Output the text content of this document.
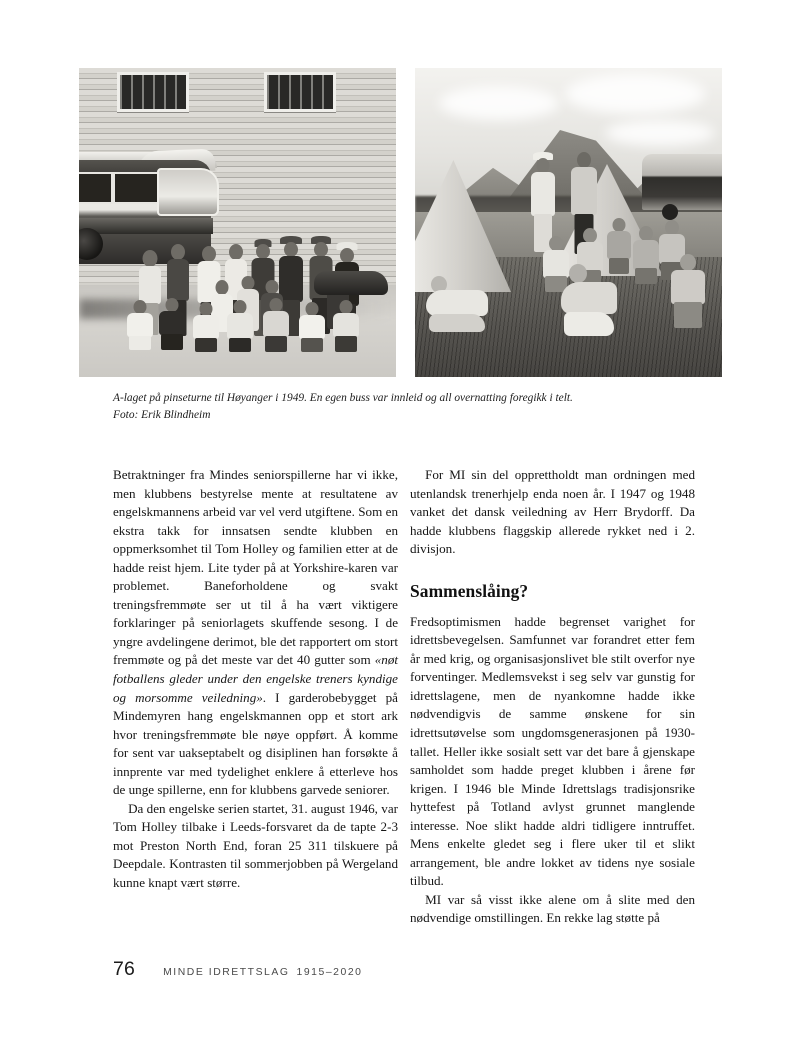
A-laget på pinseturne til Høyanger i 1949. En egen buss var innleid og all overnatting foregikk i telt.
Foto: Erik Blindheim

Betraktninger fra Mindes seniorspillerne har vi ikke, men klubbens bestyrelse mente at resultatene av engelskmannens arbeid var vel verd utgiftene. Som en ekstra takk for innsatsen sendte klubben en oppmerksomhet til Tom Holley og familien etter at de hadde reist hjem. Lite tyder på at Yorkshire-karen var problemet. Baneforholdene og svakt treningsfremmøte ser ut til å ha vært viktigere forklaringer på seniorlagets skuffende sesong. I de yngre avdelingene derimot, ble det rapportert om stort fremmøte og på det meste var det 40 gutter som «nøt fotballens gleder under den engelske treners kyndige og morsomme veiledning». I garderobebygget på Mindemyren hang engelskmannen opp et stort ark hvor treningsfremmøte ble nøye oppført. Å komme for sent var uakseptabelt og disiplinen han forsøkte å innprente var med tydelighet enklere å etterleve hos de unge spillerne, enn for klubbens garvede seniorer.

Da den engelske serien startet, 31. august 1946, var Tom Holley tilbake i Leeds-forsvaret da de tapte 2-3 mot Preston North End, foran 25 311 tilskuere på Deepdale. Kontrasten til sommerjobben på Wergeland kunne knapt vært større.

For MI sin del opprettholdt man ordningen med utenlandsk trenerhjelp enda noen år. I 1947 og 1948 vanket det dansk veiledning av Herr Brydorff. Da hadde klubbens flaggskip allerede rykket ned i 2. divisjon.

Sammenslåing?

Fredsoptimismen hadde begrenset varighet for idrettsbevegelsen. Samfunnet var forandret etter fem år med krig, og organisasjonslivet ble stilt overfor nye forventinger. Medlemsvekst i seg selv var gunstig for idrettslagene, men de nyankomne hadde ikke nødvendigvis de samme ønskene for sin idrettsutøvelse som ungdomsgenerasjonen på 1930-tallet. Heller ikke sosialt sett var det bare å gjenskape samholdet som hadde preget klubben i årene før krigen. I 1946 ble Minde Idrettslags tradisjonsrike hyttefest på Totland avlyst grunnet manglende interesse. Noe slikt hadde aldri tidligere inntruffet. Mens enkelte gledet seg i flere uker til et slikt arrangement, ble andre lokket av tidens nye sosiale tilbud.

MI var så visst ikke alene om å slite med den nødvendige omstillingen. En rekke lag støtte på

76	MINDE IDRETTSLAG 1915–2020
